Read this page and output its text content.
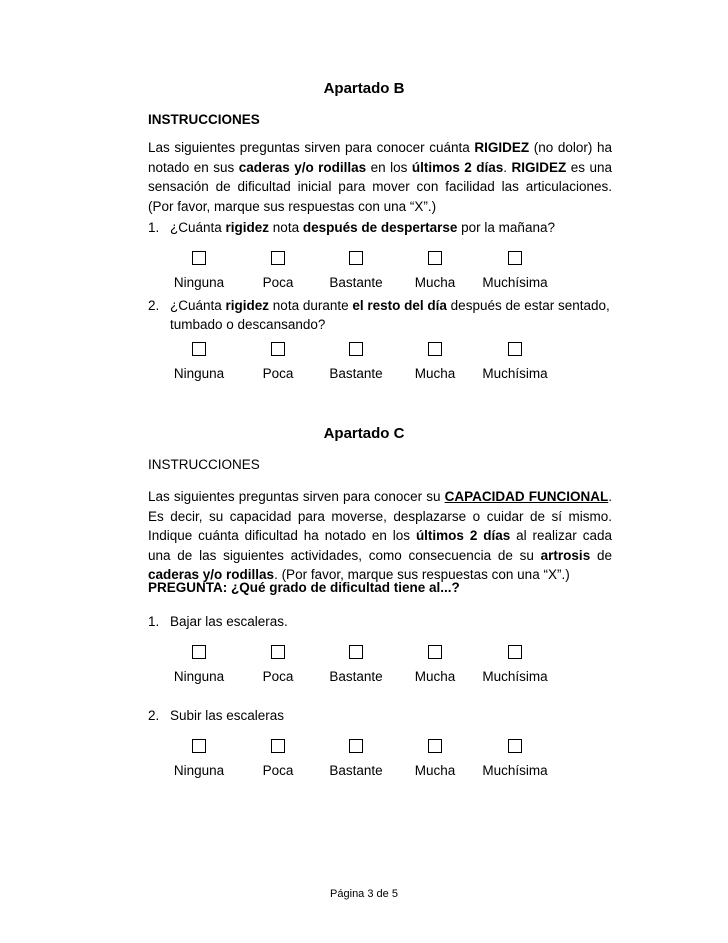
Apartado B
INSTRUCCIONES
Las siguientes preguntas sirven para conocer cuánta RIGIDEZ (no dolor) ha notado en sus caderas y/o rodillas en los últimos 2 días. RIGIDEZ es una sensación de dificultad inicial para mover con facilidad las articulaciones. (Por favor, marque sus respuestas con una “X”.)
1. ¿Cuánta rigidez nota después de despertarse por la mañana?
Ninguna	Poca	Bastante	Mucha	Muchísima
2. ¿Cuánta rigidez nota durante el resto del día después de estar sentado,
tumbado o descansando?
Ninguna	Poca	Bastante	Mucha	Muchísima
Apartado C
INSTRUCCIONES
Las siguientes preguntas sirven para conocer su CAPACIDAD FUNCIONAL. Es decir, su capacidad para moverse, desplazarse o cuidar de sí mismo. Indique cuánta dificultad ha notado en los últimos 2 días al realizar cada una de las siguientes actividades, como consecuencia de su artrosis de caderas y/o rodillas. (Por favor, marque sus respuestas con una “X”.)
PREGUNTA: ¿Qué grado de dificultad tiene al...?
1. Bajar las escaleras.
Ninguna	Poca	Bastante	Mucha	Muchísima
2. Subir las escaleras
Ninguna	Poca	Bastante	Mucha	Muchísima
Página 3 de 5
